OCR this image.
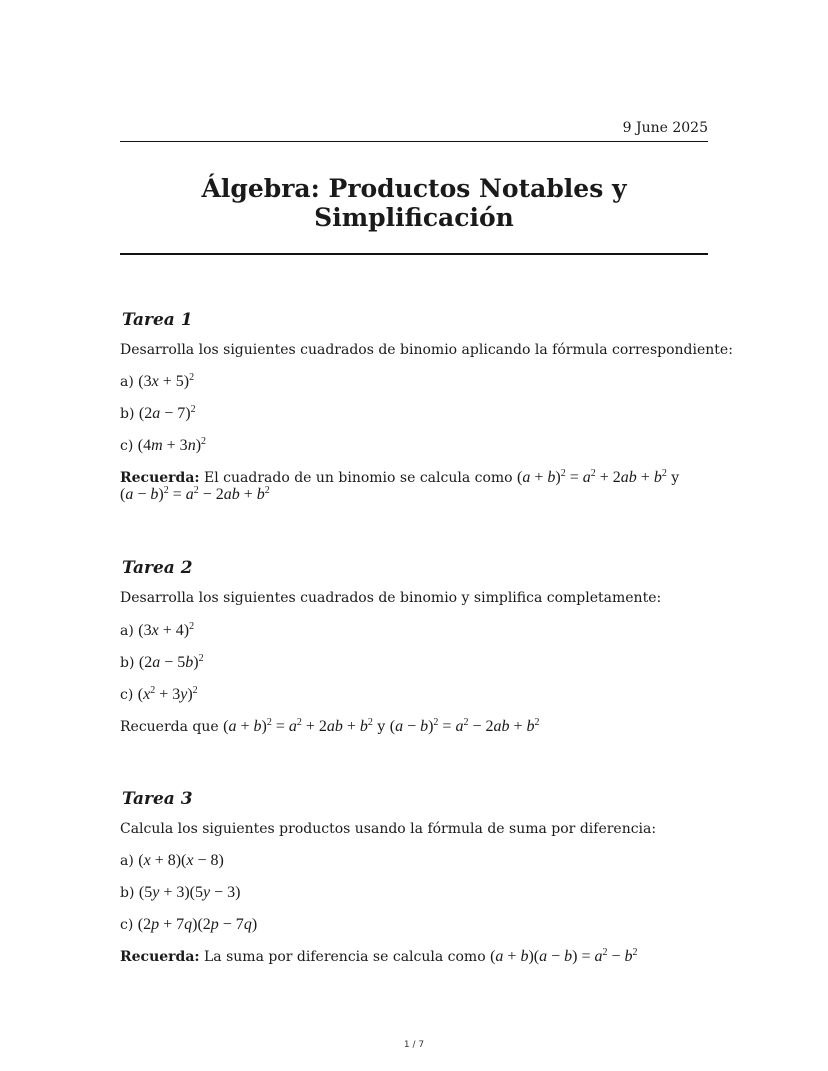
9 June 2025
Álgebra: Productos Notables y Simplificación
Tarea 1
Desarrolla los siguientes cuadrados de binomio aplicando la fórmula correspondiente:
a) $(3x + 5)^2$
b) $(2a - 7)^2$
c) $(4m + 3n)^2$
Recuerda: El cuadrado de un binomio se calcula como $(a + b)^2 = a^2 + 2ab + b^2$ y
$(a - b)^2 = a^2 - 2ab + b^2$
Tarea 2
Desarrolla los siguientes cuadrados de binomio y simplifica completamente:
a) $(3x + 4)^2$
b) $(2a - 5b)^2$
c) $(x^2 + 3y)^2$
Recuerda que $(a + b)^2 = a^2 + 2ab + b^2$ y $(a - b)^2 = a^2 - 2ab + b^2$
Tarea 3
Calcula los siguientes productos usando la fórmula de suma por diferencia:
a) (x + 8)(x − 8)
b) (5y + 3)(5y − 3)
c) (2p + 7q)(2p − 7q)
Recuerda: La suma por diferencia se calcula como $(a + b)(a - b) = a^2 - b^2$
1 / 7
